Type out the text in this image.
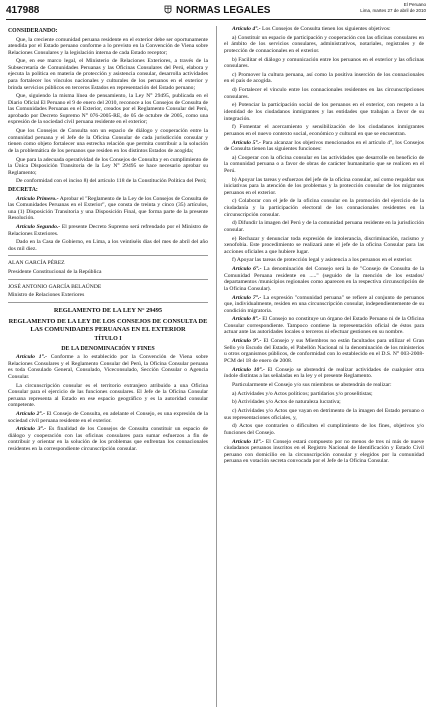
417988	NORMAS LEGALES
El Peruano
Lima, martes 27 de abril de 2010
CONSIDERANDO:

Que, la creciente comunidad peruana residente en el exterior debe ser oportunamente atendida por el Estado peruano conforme a lo previsto en la Convención de Viena sobre Relaciones Consulares y la legislación interna de cada Estado receptor;

Que, en ese marco legal, el Ministerio de Relaciones Exteriores, a través de la Subsecretaría de Comunidades Peruanas y las Oficinas Consulares del Perú, elabora y ejecuta la política en materia de protección y asistencia consular, desarrolla actividades para fortalecer los vínculos nacionales y culturales de los peruanos en el exterior y brinda servicios públicos en terceros Estados en representación del Estado peruano;

Que, siguiendo la misma línea de pensamiento, la Ley N° 29495, publicada en el Diario Oficial El Peruano el 9 de enero del 2010, reconoce a los Consejos de Consulta de las Comunidades Peruanas en el Exterior, creados por el Reglamento Consular del Perú, aprobado por Decreto Supremo N° 076-2005-RE, de 05 de octubre de 2005, como una expresión de la sociedad civil peruana residente en el exterior;

Que los Consejos de Consulta son un espacio de diálogo y cooperación entre la comunidad peruana y el Jefe de la Oficina Consular de cada jurisdicción consular y tienen como objeto fortalecer una estrecha relación que permita contribuir a la solución de la problemática de los peruanos que residen en los distintos Estados de acogida;

Que para la adecuada operatividad de los Consejos de Consulta y en cumplimiento de la Única Disposición Transitoria de la Ley N° 29495 se hace necesario aprobar su Reglamento;

De conformidad con el inciso 8) del artículo 118 de la Constitución Política del Perú;

DECRETA:

Artículo Primero.- Aprobar el "Reglamento de la Ley de los Consejos de Consulta de las Comunidades Peruanas en el Exterior", que consta de treinta y cinco (35) artículos, una (1) Disposición Transitoria y una Disposición Final, que forma parte de la presente Resolución.

Artículo Segundo.- El presente Decreto Supremo será refrendado por el Ministro de Relaciones Exteriores.

Dado en la Casa de Gobierno, en Lima, a los veintiséis días del mes de abril del año dos mil diez.

ALAN GARCÍA PÉREZ

Presidente Constitucional de la República

JOSÉ ANTONIO GARCÍA BELAÚNDE

Ministro de Relaciones Exteriores

REGLAMENTO DE LA LEY N° 29495
REGLAMENTO DE LA LEY DE LOS CONSEJOS DE CONSULTA DE LAS COMUNIDADES PERUANAS EN EL EXTERIOR
TÍTULO I
DE LA DENOMINACIÓN Y FINES

Artículo 1°.- Conforme a lo establecido por la Convención de Viena sobre Relaciones Consulares y el Reglamento Consular del Perú, la Oficina Consular peruana es toda Consulado General, Consulado, Viceconsulado, Sección Consular o Agencia Consular.

La circunscripción consular es el territorio extranjero atribuido a una Oficina Consular para el ejercicio de las funciones consulares. El Jefe de la Oficina Consular peruana representa al Estado en ese espacio geográfico y es la autoridad consular competente.

Artículo 2°.- El Consejo de Consulta, en adelante el Consejo, es una expresión de la sociedad civil peruana residente en el exterior.

Artículo 3°.- Es finalidad de los Consejos de Consulta constituir un espacio de diálogo y cooperación con las oficinas consulares para sumar esfuerzos a fin de contribuir y orientar en la solución de los problemas que enfrentan los connacionales residentes en la correspondiente circunscripción consular.

Artículo 4°.- Los Consejos de Consulta tienen los siguientes objetivos:

a) Constituir un espacio de participación y cooperación con las oficinas consulares en el ámbito de los servicios consulares, administrativos, notariales, registrales y de protección de connacionales en el exterior.

b) Facilitar el diálogo y comunicación entre los peruanos en el exterior y las oficinas consulares.

c) Promover la cultura peruana, así como la positiva inserción de los connacionales en el país de acogida.

d) Fortalecer el vínculo entre los connacionales residentes en las circunscripciones consulares.

e) Potenciar la participación social de los peruanos en el exterior, con respeto a la identidad de los ciudadanos inmigrantes y las entidades que trabajan a favor de su integración.

f) Fomentar el acercamiento y sensibilización de los ciudadanos inmigrantes peruanos en el nuevo contexto social, económico y cultural en que se encuentran.

Artículo 5°.- Para alcanzar los objetivos mencionados en el artículo 4°, los Consejos de Consulta tienen las siguientes funciones:

a) Cooperar con la oficina consular en las actividades que desarrolle en beneficio de la comunidad peruana o a favor de obras de carácter humanitario que se realicen en el Perú.

b) Apoyar las tareas y esfuerzos del jefe de la oficina consular, así como respaldar sus iniciativas para la atención de los problemas y la protección consular de los migrantes peruanos en el exterior.

c) Colaborar con el jefe de la oficina consular en la promoción del ejercicio de la ciudadanía y la participación electoral de los connacionales residentes en la circunscripción consular.

d) Difundir la imagen del Perú y de la comunidad peruana residente en la jurisdicción consular.

e) Rechazar y denunciar toda expresión de intolerancia, discriminación, racismo y xenofobia. Este procedimiento se realizará ante el jefe de la oficina Consular para las acciones oficiales a que hubiere lugar.

f) Apoyar las tareas de protección legal y asistencia a los peruanos en el exterior.

Artículo 6°.- La denominación del Consejo será la de "Consejo de Consulta de la Comunidad Peruana residente en ....." (seguido de la mención de los estados/ departamentos /municipios regionales como aparecen en la respectiva circunscripción de la Oficina Consular).

Artículo 7°.- La expresión "comunidad peruana" se refiere al conjunto de peruanos que, individualmente, residen en una circunscripción consular, independientemente de su condición migratoria.

Artículo 8°.- El Consejo no constituye un órgano del Estado Peruano ni de la Oficina Consular correspondiente. Tampoco contiene la representación oficial de éstos para actuar ante las autoridades locales o terceros ni efectuar gestiones en su nombre.

Artículo 9°.- El Consejo y sus Miembros no están facultados para utilizar el Gran Sello y/o Escudo del Estado, el Pabellón Nacional ni la denominación de los ministerios u otros organismos públicos, de conformidad con lo establecido en el D.S. N° 003-2008-PCM del 18 de enero de 2008.

Artículo 10°.- El Consejo se abstendrá de realizar actividades de cualquier otra índole distintas a las señaladas en la ley y el presente Reglamento.

Particularmente el Consejo y/o sus miembros se abstendrán de realizar:

a) Actividades y/o Actos políticos; partidarios y/o proselitistas;

b) Actividades y/o Actos de naturaleza lucrativa;

c) Actividades y/o Actos que vayan en detrimento de la imagen del Estado peruano o sus representaciones oficiales, y,

d) Actos que contraríen o dificulten el cumplimiento de los fines, objetivos y/o funciones del Consejo.

Artículo 11°.- El Consejo estará compuesto por no menos de tres ni más de nueve ciudadanos peruanos inscritos en el Registro Nacional de Identificación y Estado Civil peruano con domicilio en la circunscripción consular y elegidos por la comunidad peruana en votación secreta convocada por el Jefe de la Oficina Consular.
